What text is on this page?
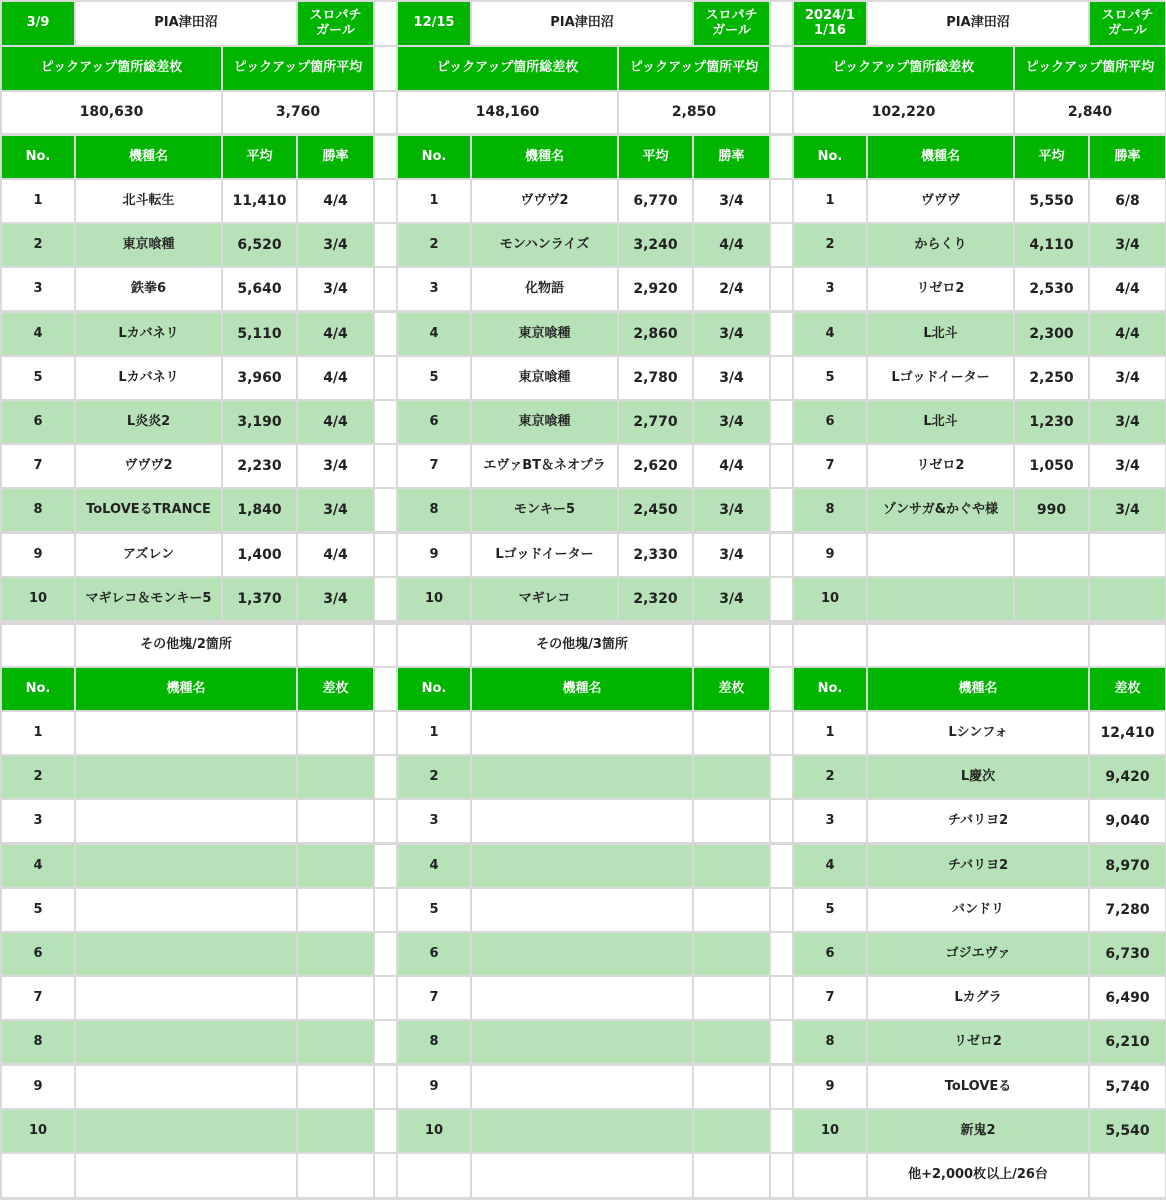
3/9	PIA津田沼	スロパチ
ガール
ピックアップ箇所総差枚	ピックアップ箇所平均
180,630	3,760
No.	機種名	平均	勝率
1	北斗転生	11,410	4/4
2	東京喰種	6,520	3/4
3	鉄拳6	5,640	3/4
4	Lカバネリ	5,110	4/4
5	Lカバネリ	3,960	4/4
6	L炎炎2	3,190	4/4
7	ヴヴヴ2	2,230	3/4
8	ToLOVEるTRANCE	1,840	3/4
9	アズレン	1,400	4/4
10	マギレコ＆モンキー5	1,370	3/4
その他塊/2箇所
No.	機種名	差枚
1
2
3
4
5
6
7
8
9
10
12/15	PIA津田沼	スロパチ
ガール
ピックアップ箇所総差枚	ピックアップ箇所平均
148,160	2,850
No.	機種名	平均	勝率
1	ヴヴヴ2	6,770	3/4
2	モンハンライズ	3,240	4/4
3	化物語	2,920	2/4
4	東京喰種	2,860	3/4
5	東京喰種	2,780	3/4
6	東京喰種	2,770	3/4
7	エヴァBT＆ネオプラ	2,620	4/4
8	モンキー5	2,450	3/4
9	Lゴッドイーター	2,330	3/4
10	マギレコ	2,320	3/4
その他塊/3箇所
No.	機種名	差枚
1
2
3
4
5
6
7
8
9
10
2024/1
1/16	PIA津田沼	スロパチ
ガール
ピックアップ箇所総差枚	ピックアップ箇所平均
102,220	2,840
No.	機種名	平均	勝率
1	ヴヴヴ	5,550	6/8
2	からくり	4,110	3/4
3	リゼロ2	2,530	4/4
4	L北斗	2,300	4/4
5	Lゴッドイーター	2,250	3/4
6	L北斗	1,230	3/4
7	リゼロ2	1,050	3/4
8	ゾンサガ&かぐや様	990	3/4
9
10
No.	機種名	差枚
1	Lシンフォ	12,410
2	L慶次	9,420
3	チバリヨ2	9,040
4	チバリヨ2	8,970
5	バンドリ	7,280
6	ゴジエヴァ	6,730
7	Lカグラ	6,490
8	リゼロ2	6,210
9	ToLOVEる	5,740
10	新鬼2	5,540
他+2,000枚以上/26台
